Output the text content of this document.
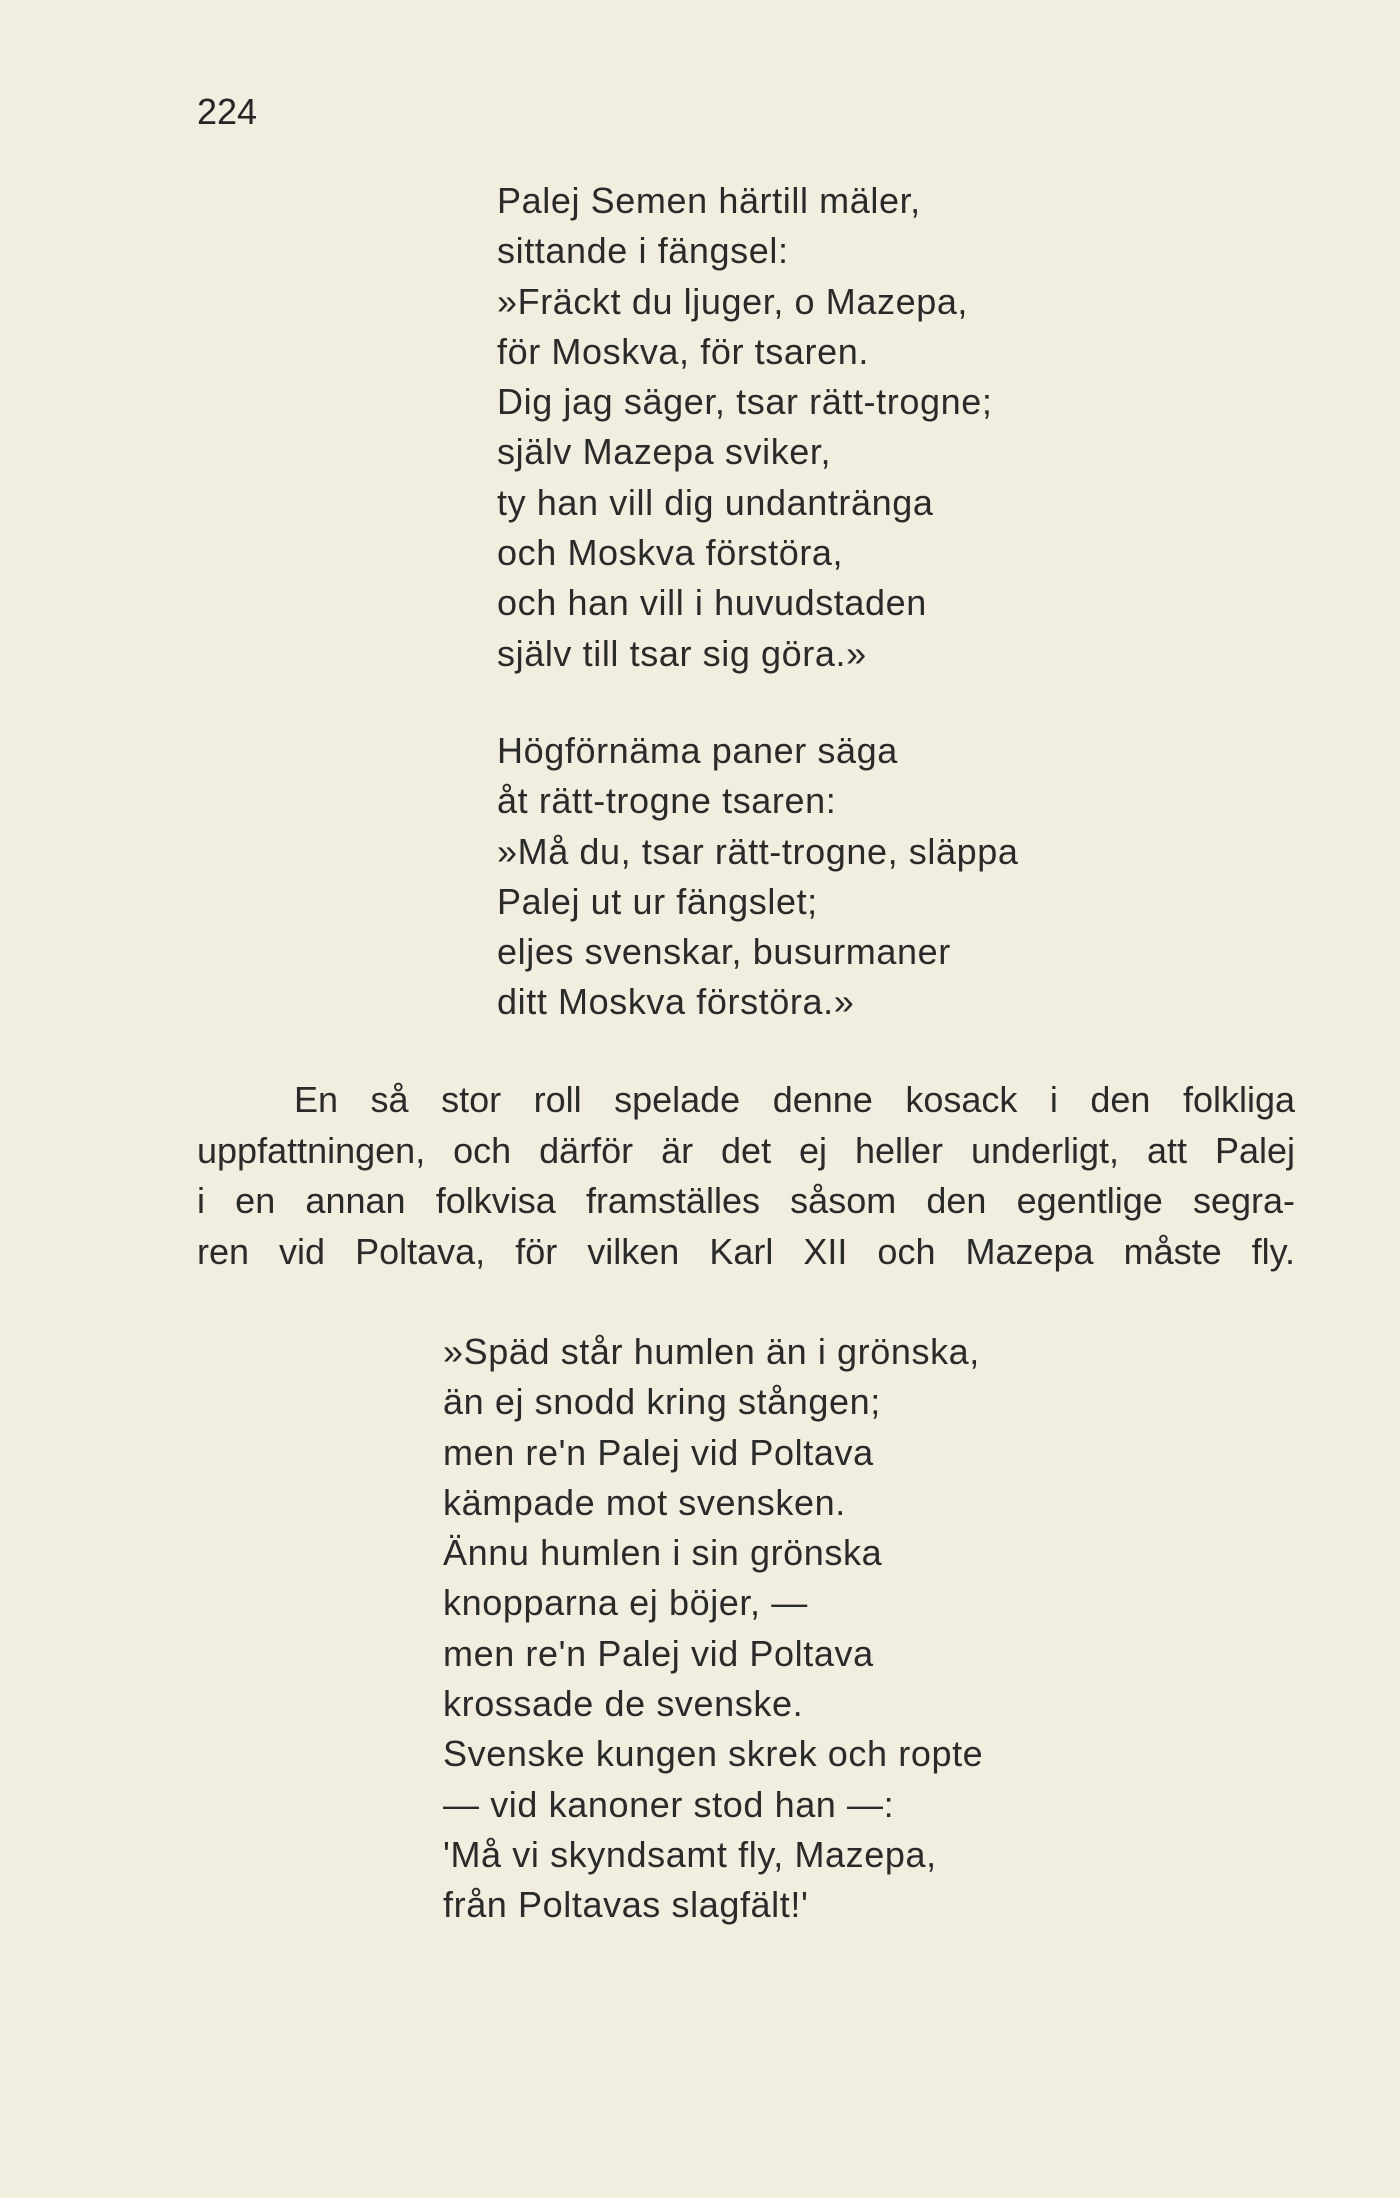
224
Palej Semen härtill mäler,
sittande i fängsel:
»Fräckt du ljuger, o Mazepa,
för Moskva, för tsaren.
Dig jag säger, tsar rätt-trogne;
själv Mazepa sviker,
ty han vill dig undantränga
och Moskva förstöra,
och han vill i huvudstaden
själv till tsar sig göra.»
Högförnäma paner säga
åt rätt-trogne tsaren:
»Må du, tsar rätt-trogne, släppa
Palej ut ur fängslet;
eljes svenskar, busurmaner
ditt Moskva förstöra.»
En så stor roll spelade denne kosack i den folkliga
uppfattningen, och därför är det ej heller underligt, att Palej
i en annan folkvisa framställes såsom den egentlige segra-
ren vid Poltava, för vilken Karl XII och Mazepa måste fly.
»Späd står humlen än i grönska,
än ej snodd kring stången;
men re'n Palej vid Poltava
kämpade mot svensken.
Ännu humlen i sin grönska
knopparna ej böjer, —
men re'n Palej vid Poltava
krossade de svenske.
Svenske kungen skrek och ropte
— vid kanoner stod han —:
'Må vi skyndsamt fly, Mazepa,
från Poltavas slagfält!'
